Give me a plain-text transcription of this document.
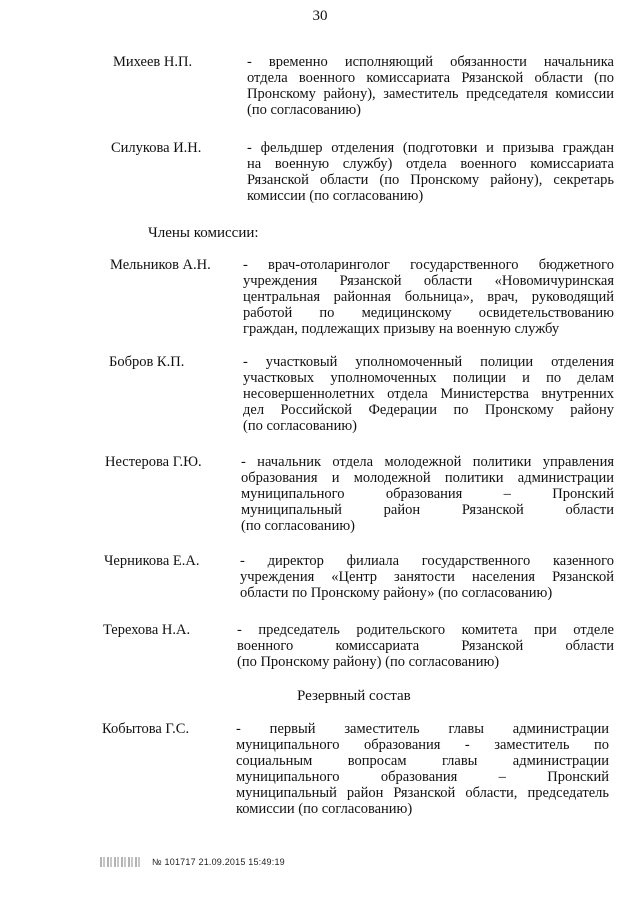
30
Михеев Н.П.	- временно исполняющий обязанности начальника
отдела военного комиссариата Рязанской области (по
Пронскому району), заместитель председателя комиссии
(по согласованию)
Силукова И.Н.	- фельдшер отделения (подготовки и призыва граждан
на военную службу) отдела военного комиссариата
Рязанской области (по Пронскому району), секретарь
комиссии (по согласованию)
Члены комиссии:
Мельников А.Н. - врач-отоларинголог государственного бюджетного
учреждения Рязанской области «Новомичуринская
центральная районная больница», врач, руководящий
работой по медицинскому освидетельствованию
граждан, подлежащих призыву на военную службу
Бобров К.П.	- участковый уполномоченный полиции отделения
участковых уполномоченных полиции и по делам
несовершеннолетних отдела Министерства внутренних
дел Российской Федерации по Пронскому району
(по согласованию)
Нестерова Г.Ю.	- начальник отдела молодежной политики управления
образования и молодежной политики администрации
муниципального образования – Пронский
муниципальный район Рязанской области
(по согласованию)
Черникова Е.А.	- директор филиала государственного казенного
учреждения «Центр занятости населения Рязанской
области по Пронскому району» (по согласованию)
Терехова Н.А.	- председатель родительского комитета при отделе
военного комиссариата Рязанской области
(по Пронскому району) (по согласованию)
Резервный состав
Кобытова Г.С.	- первый заместитель главы администрации
муниципального образования - заместитель по
социальным вопросам главы администрации
муниципального образования – Пронский
муниципальный район Рязанской области, председатель
комиссии (по согласованию)
№ 101717 21.09.2015 15:49:19
